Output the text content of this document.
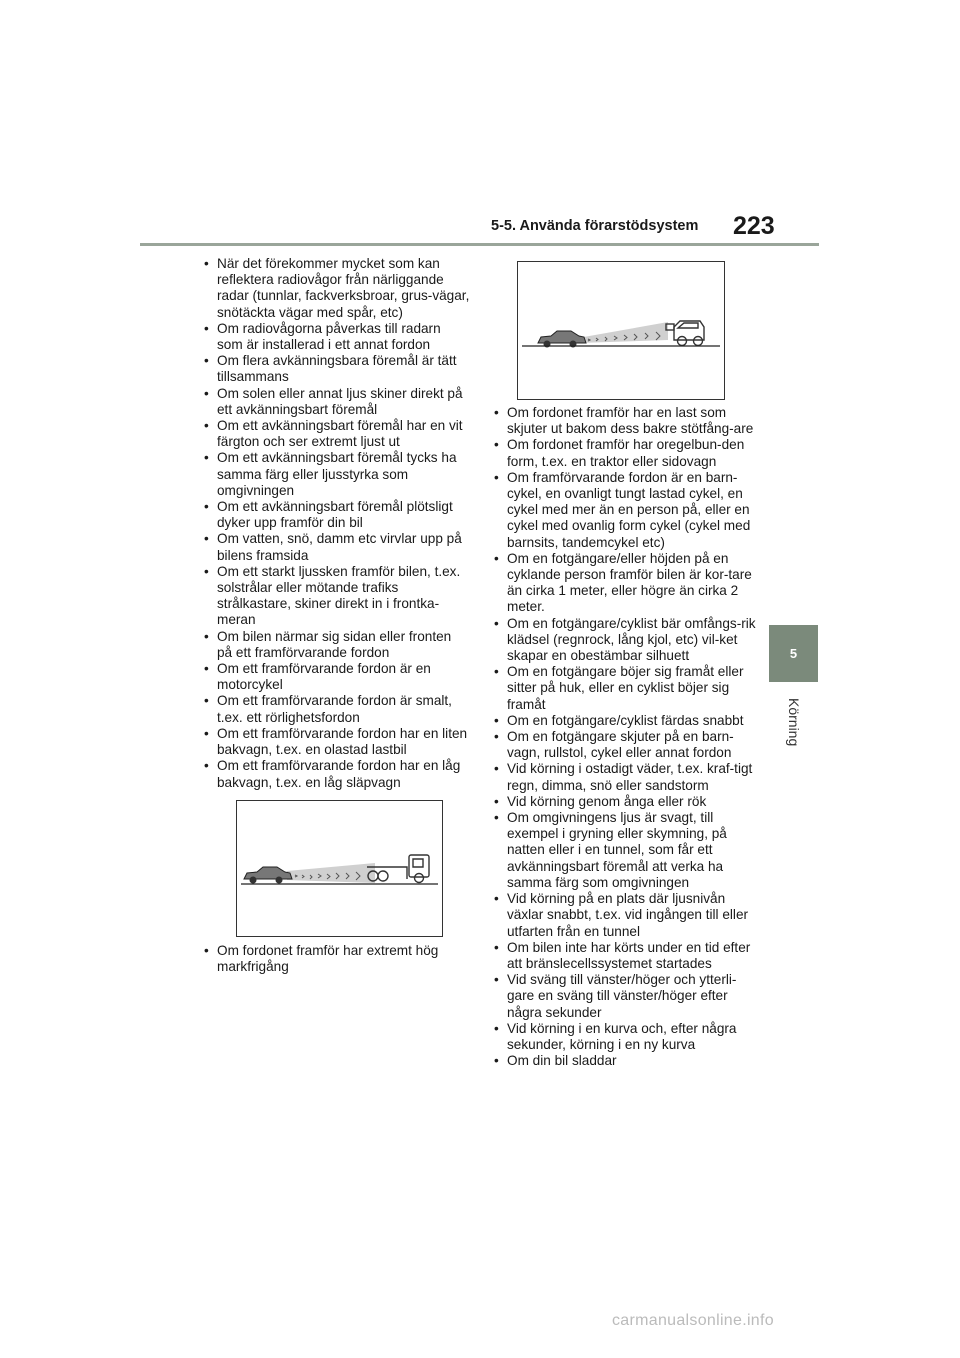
5-5. Använda förarstödsystem 223
5
Körning
• När det förekommer mycket som kan reflektera radiovågor från närliggande radar (tunnlar, fackverksbroar, grus-vägar, snötäckta vägar med spår, etc)
• Om radiovågorna påverkas till radarn som är installerad i ett annat fordon
• Om flera avkänningsbara föremål är tätt tillsammans
• Om solen eller annat ljus skiner direkt på ett avkänningsbart föremål
• Om ett avkänningsbart föremål har en vit färgton och ser extremt ljust ut
• Om ett avkänningsbart föremål tycks ha samma färg eller ljusstyrka som omgivningen
• Om ett avkänningsbart föremål plötsligt dyker upp framför din bil
• Om vatten, snö, damm etc virvlar upp på bilens framsida
• Om ett starkt ljussken framför bilen, t.ex. solstrålar eller mötande trafiks strålkastare, skiner direkt in i frontka-meran
• Om bilen närmar sig sidan eller fronten på ett framförvarande fordon
• Om ett framförvarande fordon är en motorcykel
• Om ett framförvarande fordon är smalt, t.ex. ett rörlighetsfordon
• Om ett framförvarande fordon har en liten bakvagn, t.ex. en olastad lastbil
• Om ett framförvarande fordon har en låg bakvagn, t.ex. en låg släpvagn
• Om fordonet framför har extremt hög markfrigång
• Om fordonet framför har en last som skjuter ut bakom dess bakre stötfång-are
• Om fordonet framför har oregelbun-den form, t.ex. en traktor eller sidovagn
• Om framförvarande fordon är en barn-cykel, en ovanligt tungt lastad cykel, en cykel med mer än en person på, eller en cykel med ovanlig form cykel (cykel med barnsits, tandemcykel etc)
• Om en fotgängare/eller höjden på en cyklande person framför bilen är kor-tare än cirka 1 meter, eller högre än cirka 2 meter.
• Om en fotgängare/cyklist bär omfångs-rik klädsel (regnrock, lång kjol, etc) vil-ket skapar en obestämbar silhuett
• Om en fotgängare böjer sig framåt eller sitter på huk, eller en cyklist böjer sig framåt
• Om en fotgängare/cyklist färdas snabbt
• Om en fotgängare skjuter på en barn-vagn, rullstol, cykel eller annat fordon
• Vid körning i ostadigt väder, t.ex. kraf-tigt regn, dimma, snö eller sandstorm
• Vid körning genom ånga eller rök
• Om omgivningens ljus är svagt, till exempel i gryning eller skymning, på natten eller i en tunnel, som får ett avkänningsbart föremål att verka ha samma färg som omgivningen
• Vid körning på en plats där ljusnivån växlar snabbt, t.ex. vid ingången till eller utfarten från en tunnel
• Om bilen inte har körts under en tid efter att bränslecellssystemet startades
• Vid sväng till vänster/höger och ytterli-gare en sväng till vänster/höger efter några sekunder
• Vid körning i en kurva och, efter några sekunder, körning i en ny kurva
• Om din bil sladdar
carmanualsonline.info
